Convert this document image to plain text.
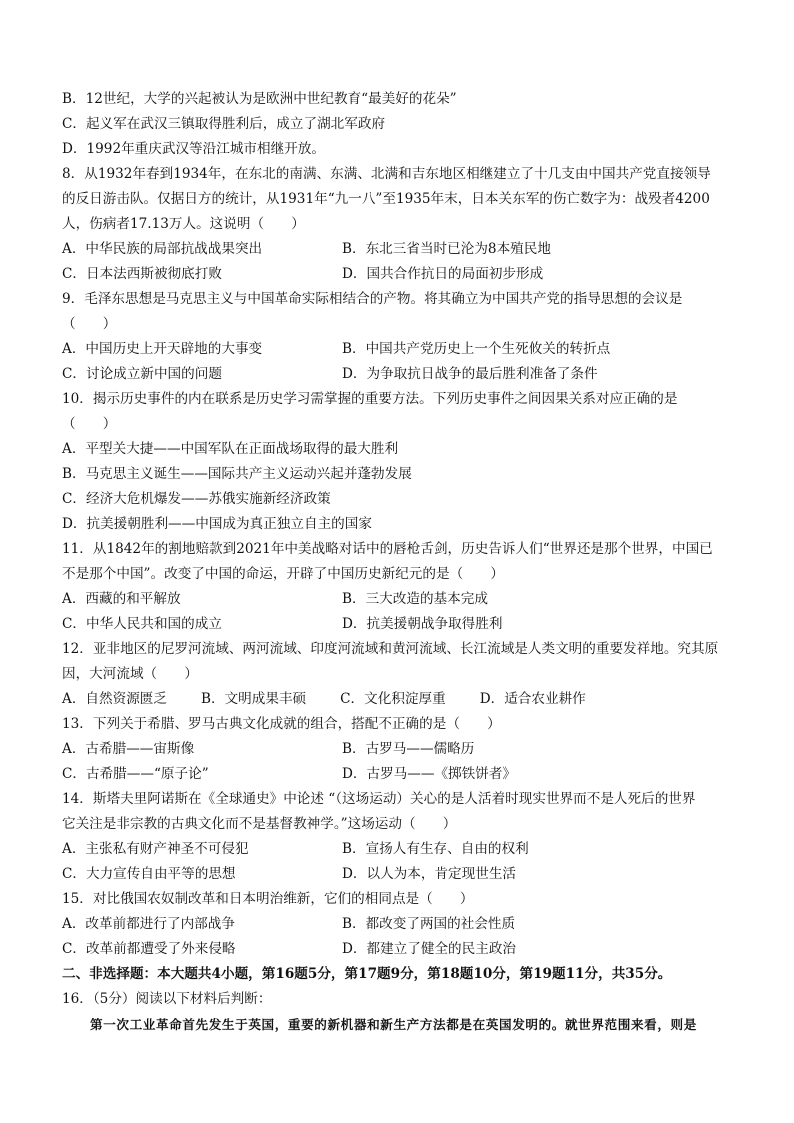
B．12世纪，大学的兴起被认为是欧洲中世纪教育“最美好的花朵”
C．起义军在武汉三镇取得胜利后，成立了湖北军政府
D．1992年重庆武汉等沿江城市相继开放。
8．从1932年春到1934年，在东北的南满、东满、北满和吉东地区相继建立了十几支由中国共产党直接领导
的反日游击队。仅据日方的统计，从1931年“九一八”至1935年末，日本关东军的伤亡数字为：战殁者4200
人，伤病者17.13万人。这说明（　　）
A．中华民族的局部抗战战果突出	B．东北三省当时已沦为8本殖民地
C．日本法西斯被彻底打败	D．国共合作抗日的局面初步形成
9．毛泽东思想是马克思主义与中国革命实际相结合的产物。将其确立为中国共产党的指导思想的会议是
（　　）
A．中国历史上开天辟地的大事变	B．中国共产党历史上一个生死攸关的转折点
C．讨论成立新中国的问题	D．为争取抗日战争的最后胜利准备了条件
10．揭示历史事件的内在联系是历史学习需掌握的重要方法。下列历史事件之间因果关系对应正确的是
（　　）
A．平型关大捷——中国军队在正面战场取得的最大胜利
B．马克思主义诞生——国际共产主义运动兴起并蓬勃发展
C．经济大危机爆发——苏俄实施新经济政策
D．抗美援朝胜利——中国成为真正独立自主的国家
11．从1842年的割地赔款到2021年中美战略对话中的唇枪舌剑，历史告诉人们“世界还是那个世界，中国已
不是那个中国”。改变了中国的命运，开辟了中国历史新纪元的是（　　）
A．西藏的和平解放	B．三大改造的基本完成
C．中华人民共和国的成立	D．抗美援朝战争取得胜利
12．亚非地区的尼罗河流域、两河流域、印度河流域和黄河流域、长江流域是人类文明的重要发祥地。究其原
因，大河流域（　　）
A．自然资源匮乏	B．文明成果丰硕	C．文化积淀厚重	D．适合农业耕作
13．下列关于希腊、罗马古典文化成就的组合，搭配不正确的是（　　）
A．古希腊——宙斯像	B．古罗马——儒略历
C．古希腊——“原子论”	D．古罗马——《掷铁饼者》
14．斯塔夫里阿诺斯在《全球通史》中论述 “（这场运动）关心的是人活着时现实世界而不是人死后的世界
它关注是非宗教的古典文化而不是基督教神学。”这场运动（　　）
A．主张私有财产神圣不可侵犯	B．宣扬人有生存、自由的权利
C．大力宣传自由平等的思想	D．以人为本，肯定现世生活
15．对比俄国农奴制改革和日本明治维新，它们的相同点是（　　）
A．改革前都进行了内部战争	B．都改变了两国的社会性质
C．改革前都遭受了外来侵略	D．都建立了健全的民主政治
二、非选择题：本大题共4小题，第16题5分，第17题9分，第18题10分，第19题11分，共35分。
16．（5分）阅读以下材料后判断：
第一次工业革命首先发生于英国，重要的新机器和新生产方法都是在英国发明的。就世界范围来看，则是
